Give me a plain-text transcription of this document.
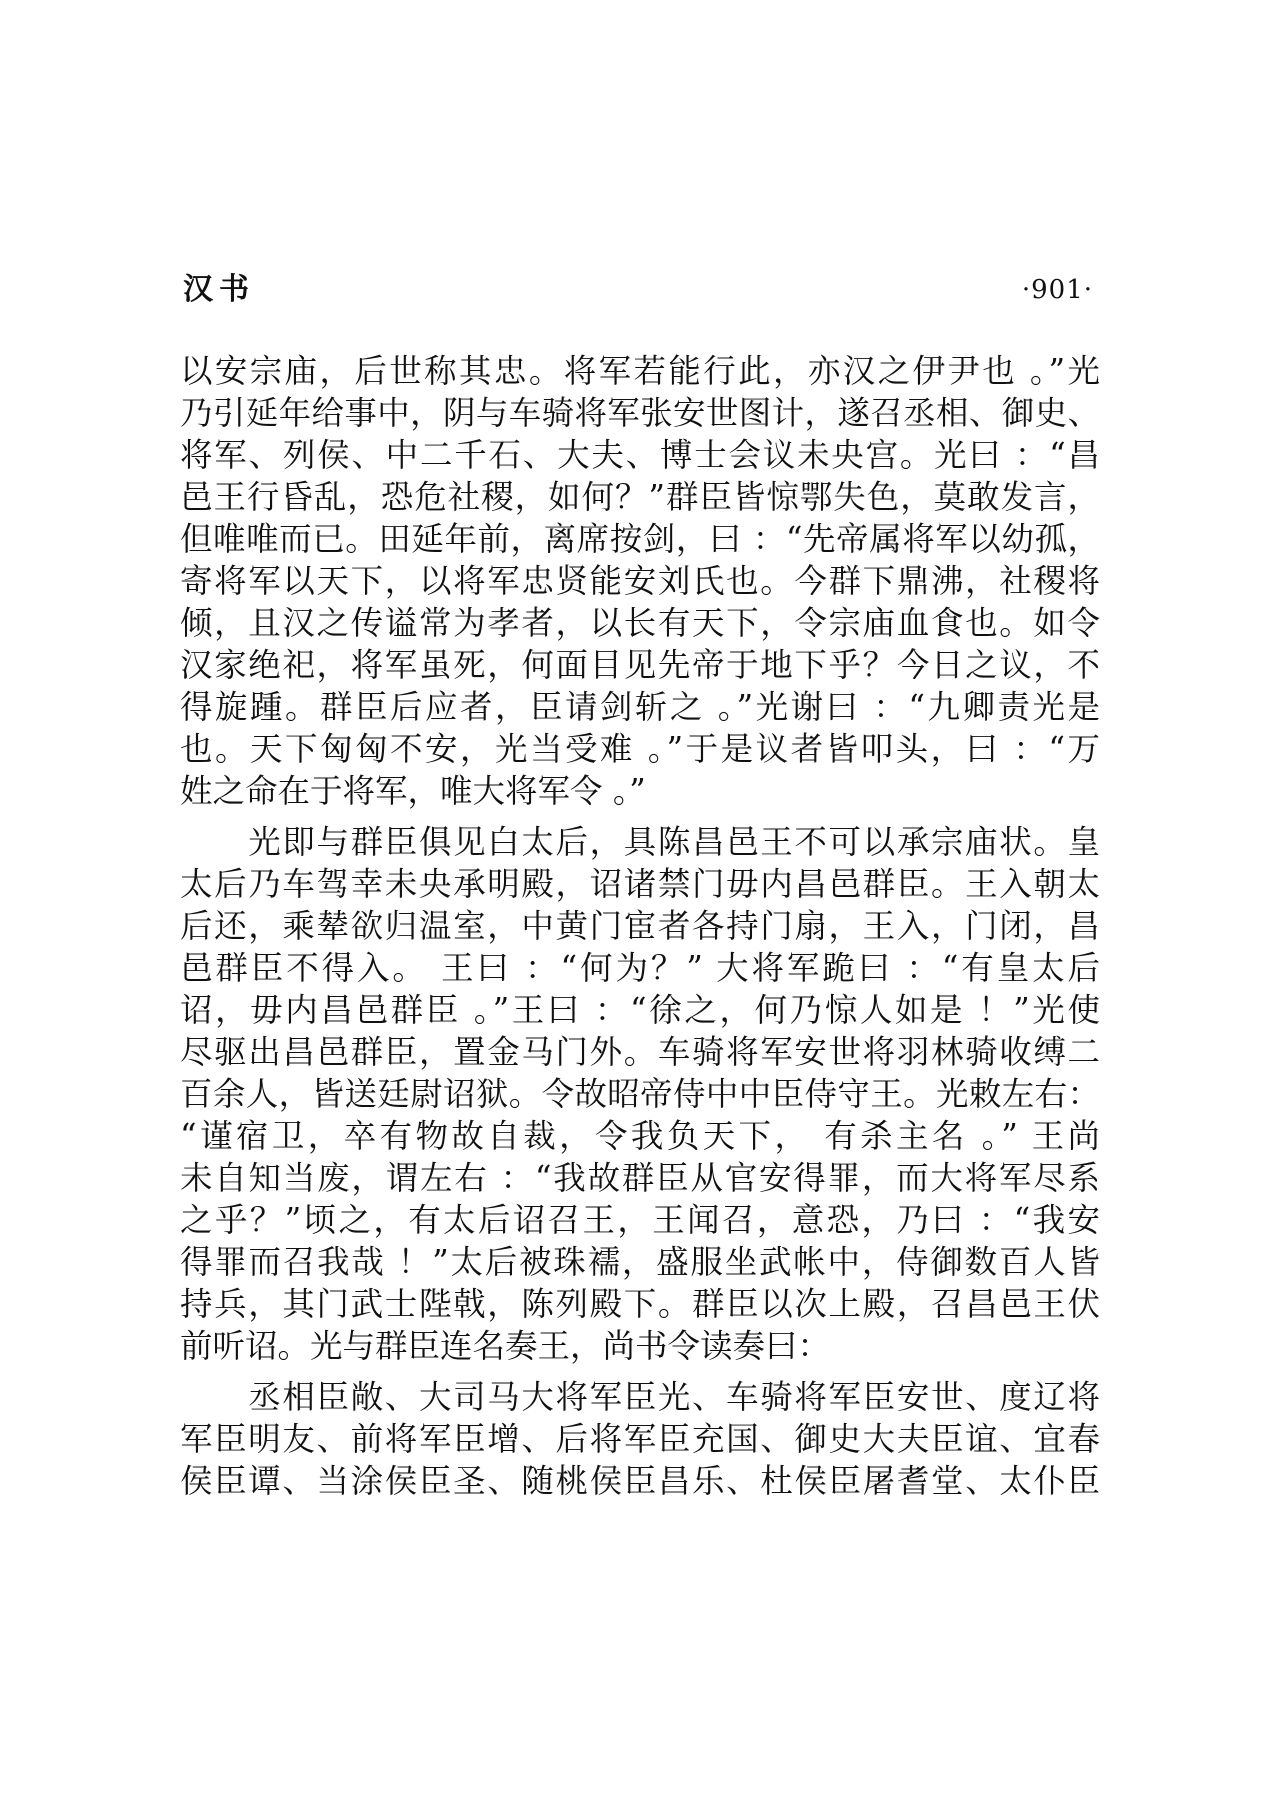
汉书	·901·
以安宗庙，后世称其忠。将军若能行此，亦汉之伊尹也 。”光
乃引延年给事中，阴与车骑将军张安世图计，遂召丞相、御史、
将军、列侯、中二千石、大夫、博士会议未央宫。光曰 ：“昌
邑王行昏乱，恐危社稷，如何？”群臣皆惊鄂失色，莫敢发言，
但唯唯而已。田延年前，离席按剑，曰 ：“先帝属将军以幼孤，
寄将军以天下，以将军忠贤能安刘氏也。今群下鼎沸，社稷将
倾，且汉之传谥常为孝者，以长有天下，令宗庙血食也。如令
汉家绝祀，将军虽死，何面目见先帝于地下乎？今日之议，不
得旋踵。群臣后应者，臣请剑斩之 。”光谢曰 ：“九卿责光是
也。天下匈匈不安，光当受难 。”于是议者皆叩头，曰 ：“万
姓之命在于将军，唯大将军令 。”
　　光即与群臣俱见白太后，具陈昌邑王不可以承宗庙状。皇
太后乃车驾幸未央承明殿，诏诸禁门毋内昌邑群臣。王入朝太
后还，乘辇欲归温室，中黄门宦者各持门扇，王入，门闭，昌
邑群臣不得入。 王曰 ：“何为？” 大将军跪曰 ：“有皇太后
诏，毋内昌邑群臣 。”王曰 ：“徐之，何乃惊人如是 ！”光使
尽驱出昌邑群臣，置金马门外。车骑将军安世将羽林骑收缚二
百余人，皆送廷尉诏狱。令故昭帝侍中中臣侍守王。光敕左右：
“谨宿卫，卒有物故自裁，令我负天下， 有杀主名 。” 王尚
未自知当废，谓左右 ：“我故群臣从官安得罪，而大将军尽系
之乎？”顷之，有太后诏召王，王闻召，意恐，乃曰 ：“我安
得罪而召我哉 ！”太后被珠襦，盛服坐武帐中，侍御数百人皆
持兵，其门武士陛戟，陈列殿下。群臣以次上殿，召昌邑王伏
前听诏。光与群臣连名奏王，尚书令读奏曰：
　　丞相臣敞、大司马大将军臣光、车骑将军臣安世、度辽将
军臣明友、前将军臣增、后将军臣充国、御史大夫臣谊、宜春
侯臣谭、当涂侯臣圣、随桃侯臣昌乐、杜侯臣屠耆堂、太仆臣
